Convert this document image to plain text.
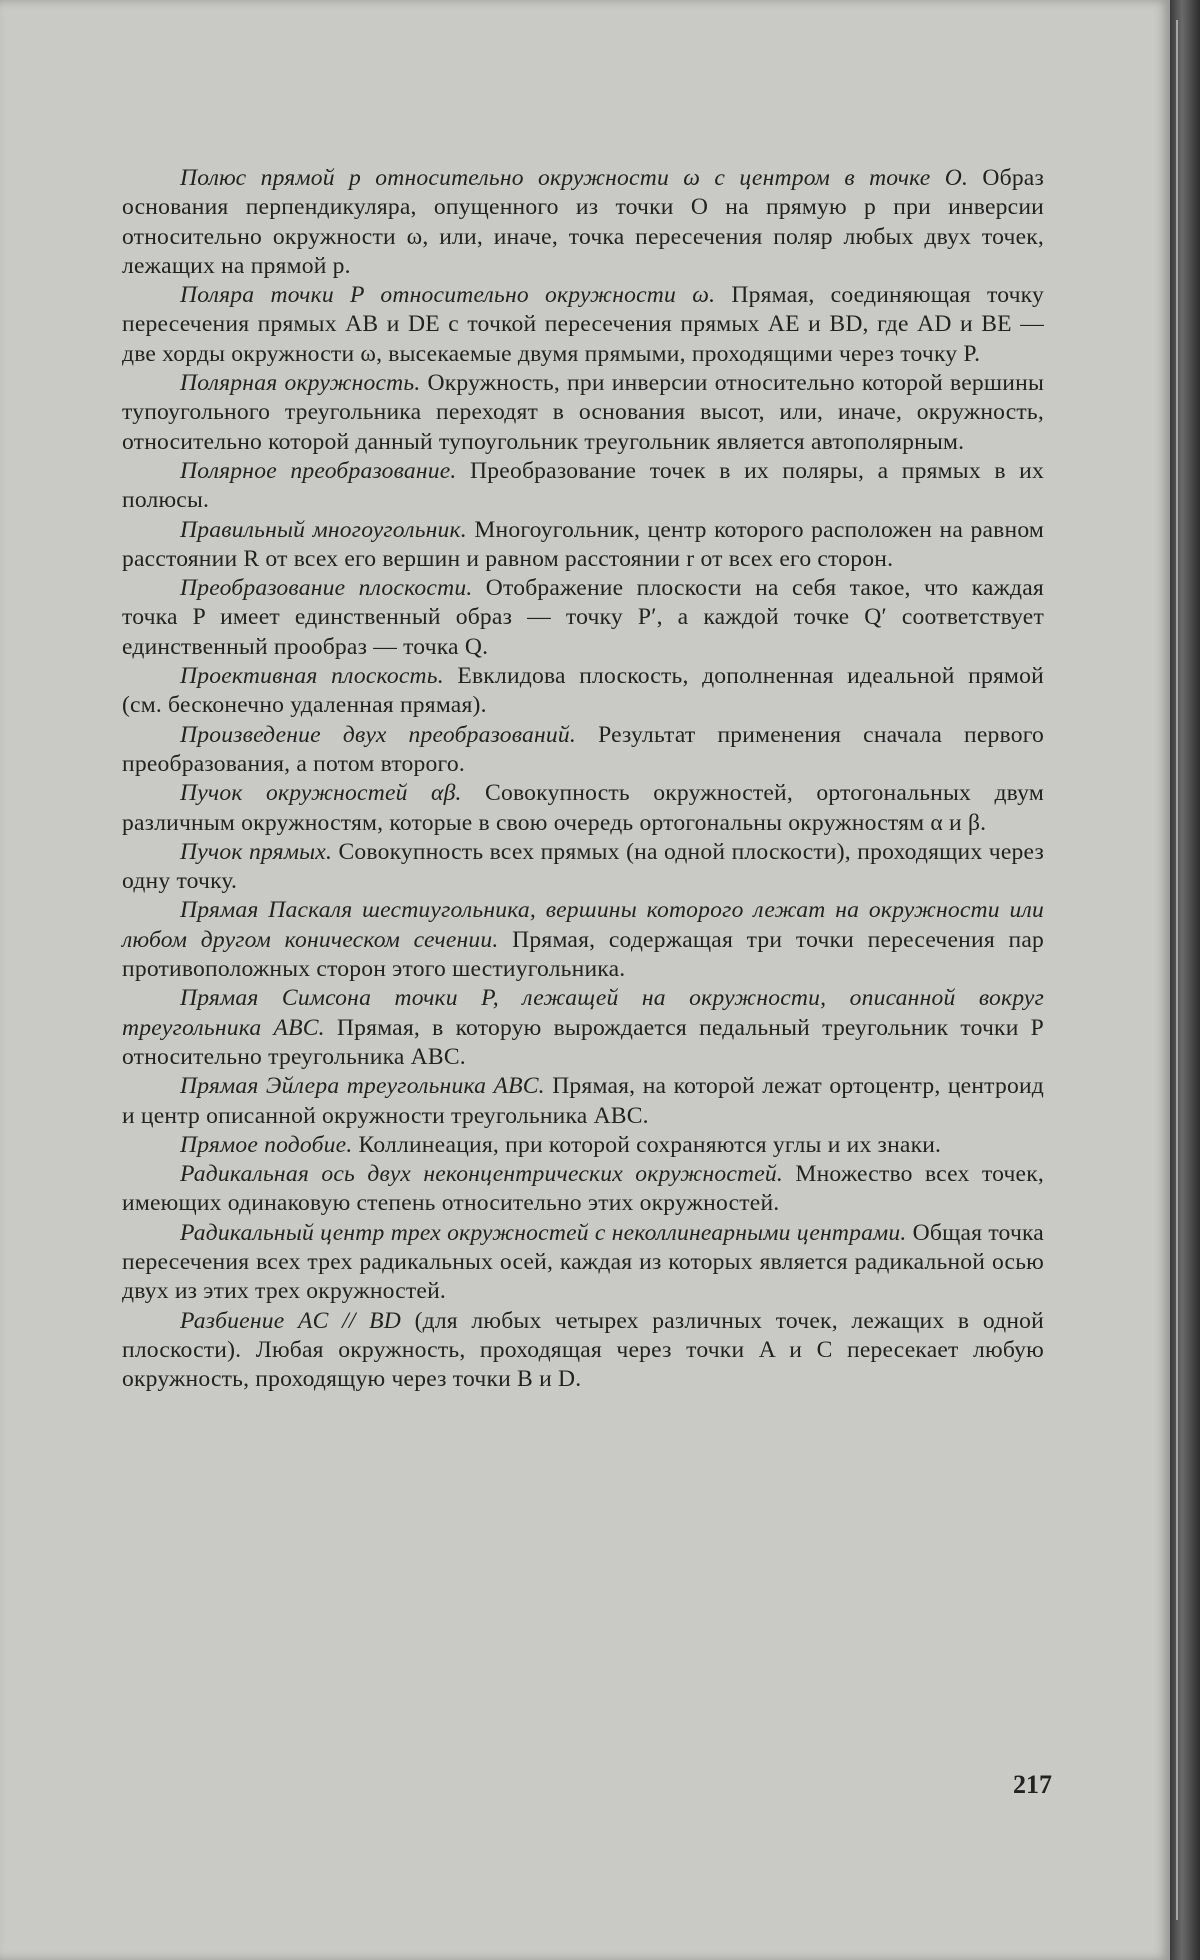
Полюс прямой p относительно окружности ω с центром в точке O. Образ основания перпендикуляра, опущенного из точки O на прямую p при инверсии относительно окружности ω, или, иначе, точка пересечения поляр любых двух точек, лежащих на прямой p.

Поляра точки P относительно окружности ω. Прямая, соединяющая точку пересечения прямых AB и DE с точкой пересечения прямых AE и BD, где AD и BE — две хорды окружности ω, высекаемые двумя прямыми, проходящими через точку P.

Полярная окружность. Окружность, при инверсии относительно которой вершины тупоугольного треугольника переходят в основания высот, или, иначе, окружность, относительно которой данный тупоугольник треугольник является автополярным.

Полярное преобразование. Преобразование точек в их поляры, а прямых в их полюсы.

Правильный многоугольник. Многоугольник, центр которого расположен на равном расстоянии R от всех его вершин и равном расстоянии r от всех его сторон.

Преобразование плоскости. Отображение плоскости на себя такое, что каждая точка P имеет единственный образ — точку P′, а каждой точке Q′ соответствует единственный прообраз — точка Q.

Проективная плоскость. Евклидова плоскость, дополненная идеальной прямой (см. бесконечно удаленная прямая).

Произведение двух преобразований. Результат применения сначала первого преобразования, а потом второго.

Пучок окружностей αβ. Совокупность окружностей, ортогональных двум различным окружностям, которые в свою очередь ортогональны окружностям α и β.

Пучок прямых. Совокупность всех прямых (на одной плоскости), проходящих через одну точку.

Прямая Паскаля шестиугольника, вершины которого лежат на окружности или любом другом коническом сечении. Прямая, содержащая три точки пересечения пар противоположных сторон этого шестиугольника.

Прямая Симсона точки P, лежащей на окружности, описанной вокруг треугольника ABC. Прямая, в которую вырождается педальный треугольник точки P относительно треугольника ABC.

Прямая Эйлера треугольника ABC. Прямая, на которой лежат ортоцентр, центроид и центр описанной окружности треугольника ABC.

Прямое подобие. Коллинеация, при которой сохраняются углы и их знаки.

Радикальная ось двух неконцентрических окружностей. Множество всех точек, имеющих одинаковую степень относительно этих окружностей.

Радикальный центр трех окружностей с неколлинеарными центрами. Общая точка пересечения всех трех радикальных осей, каждая из которых является радикальной осью двух из этих трех окружностей.

Разбиение AC // BD (для любых четырех различных точек, лежащих в одной плоскости). Любая окружность, проходящая через точки A и C пересекает любую окружность, проходящую через точки B и D.

217
